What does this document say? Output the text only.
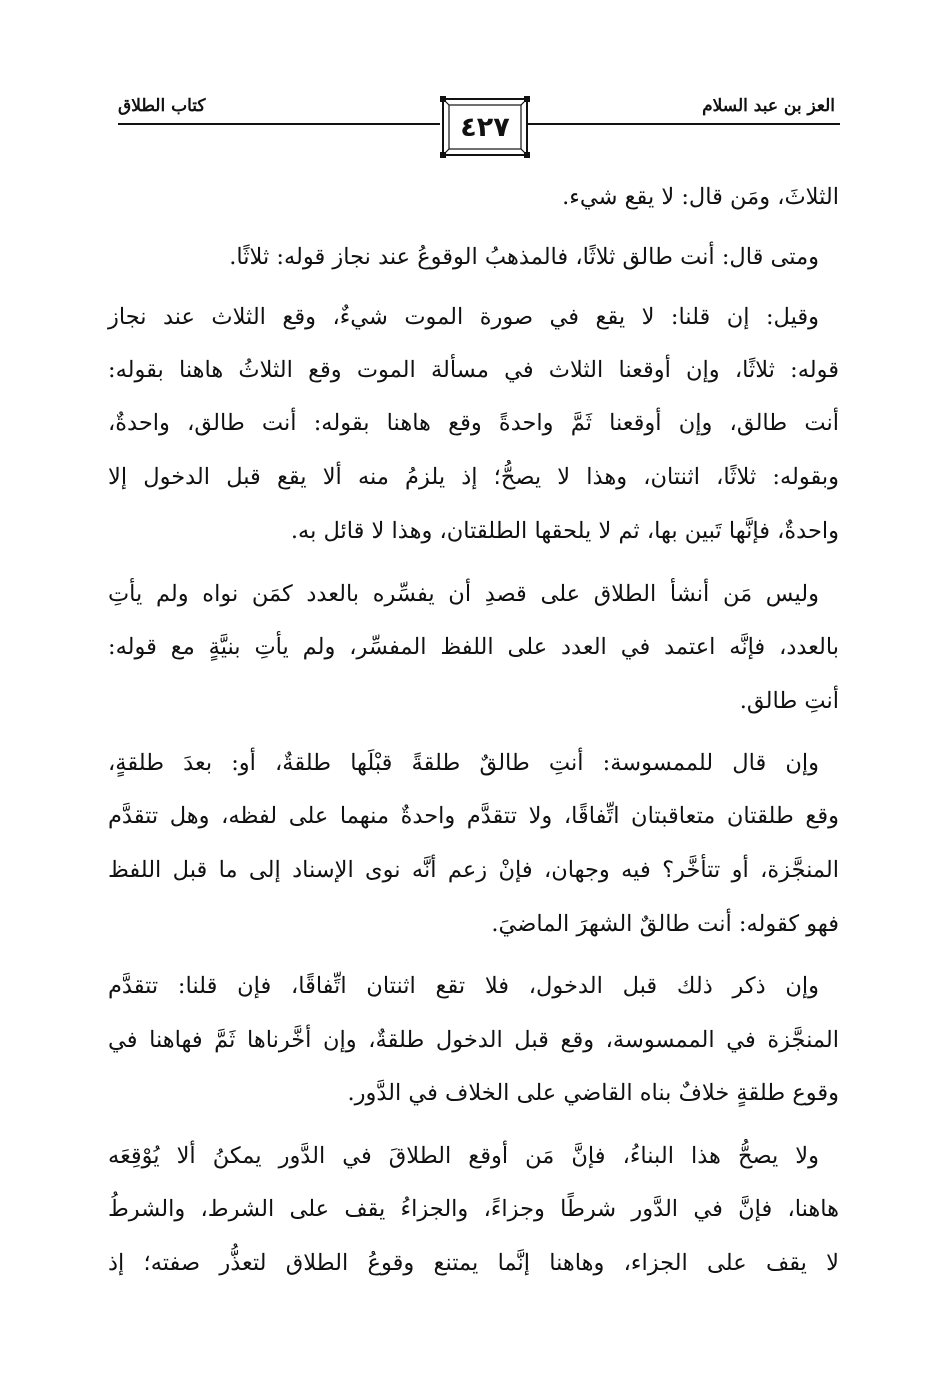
العز بن عبد السلام
٤٢٧
كتاب الطلاق
الثلاثَ، ومَن قال: لا يقع شيء.
ومتى قال: أنت طالق ثلاثًا، فالمذهبُ الوقوعُ عند نجاز قوله: ثلاثًا.
وقيل: إن قلنا: لا يقع في صورة الموت شيءٌ، وقع الثلاث عند نجاز
قوله: ثلاثًا، وإن أوقعنا الثلاث في مسألة الموت وقع الثلاثُ هاهنا بقوله:
أنت طالق، وإن أوقعنا ثَمَّ واحدةً وقع هاهنا بقوله: أنت طالق، واحدةٌ،
وبقوله: ثلاثًا، اثنتان، وهذا لا يصحُّ؛ إذ يلزمُ منه ألا يقع قبل الدخول إلا
واحدةٌ، فإنَّها تَبين بها، ثم لا يلحقها الطلقتان، وهذا لا قائل به.
وليس مَن أنشأ الطلاق على قصدِ أن يفسِّره بالعدد كمَن نواه ولم يأتِ
بالعدد، فإنَّه اعتمد في العدد على اللفظ المفسِّر، ولم يأتِ بنيَّةٍ مع قوله:
أنتِ طالق.
وإن قال للممسوسة: أنتِ طالقٌ طلقةً قبْلَها طلقةٌ، أو: بعدَ طلقةٍ،
وقع طلقتان متعاقبتان اتِّفاقًا، ولا تتقدَّم واحدةٌ منهما على لفظه، وهل تتقدَّم
المنجَّزة، أو تتأخَّر؟ فيه وجهان، فإنْ زعم أنَّه نوى الإسناد إلى ما قبل اللفظ
فهو كقوله: أنت طالقٌ الشهرَ الماضيَ.
وإن ذكر ذلك قبل الدخول، فلا تقع اثنتان اتِّفاقًا، فإن قلنا: تتقدَّم
المنجَّزة في الممسوسة، وقع قبل الدخول طلقةٌ، وإن أخَّرناها ثَمَّ فهاهنا في
وقوع طلقةٍ خلافٌ بناه القاضي على الخلاف في الدَّور.
ولا يصحُّ هذا البناءُ، فإنَّ مَن أوقع الطلاقَ في الدَّور يمكنُ ألا يُوْقِعَه
هاهنا، فإنَّ في الدَّور شرطًا وجزاءً، والجزاءُ يقف على الشرط، والشرطُ
لا يقف على الجزاء، وهاهنا إنَّما يمتنع وقوعُ الطلاق لتعذُّر صفته؛ إذ
